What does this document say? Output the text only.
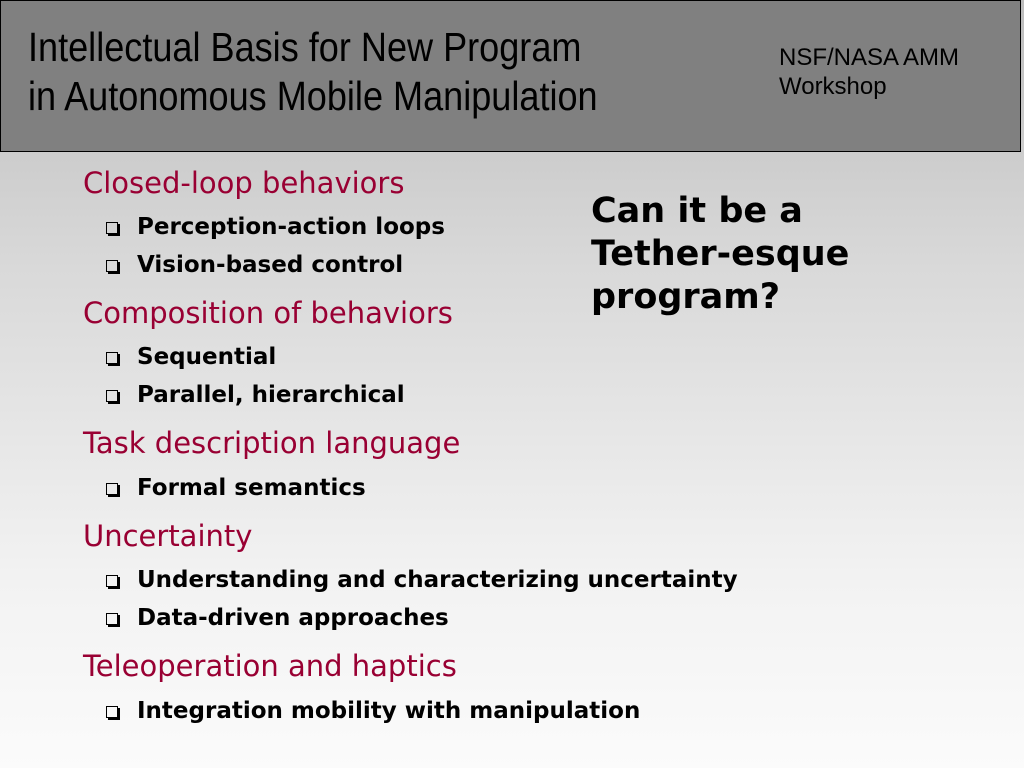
Intellectual Basis for New Program
in Autonomous Mobile Manipulation
NSF/NASA AMM
Workshop
Closed-loop behaviors
Perception-action loops
Vision-based control
Composition of behaviors
Sequential
Parallel, hierarchical
Task description language
Formal semantics
Uncertainty
Understanding and characterizing uncertainty
Data-driven approaches
Teleoperation and haptics
Integration mobility with manipulation
Can it be a
Tether-esque
program?
